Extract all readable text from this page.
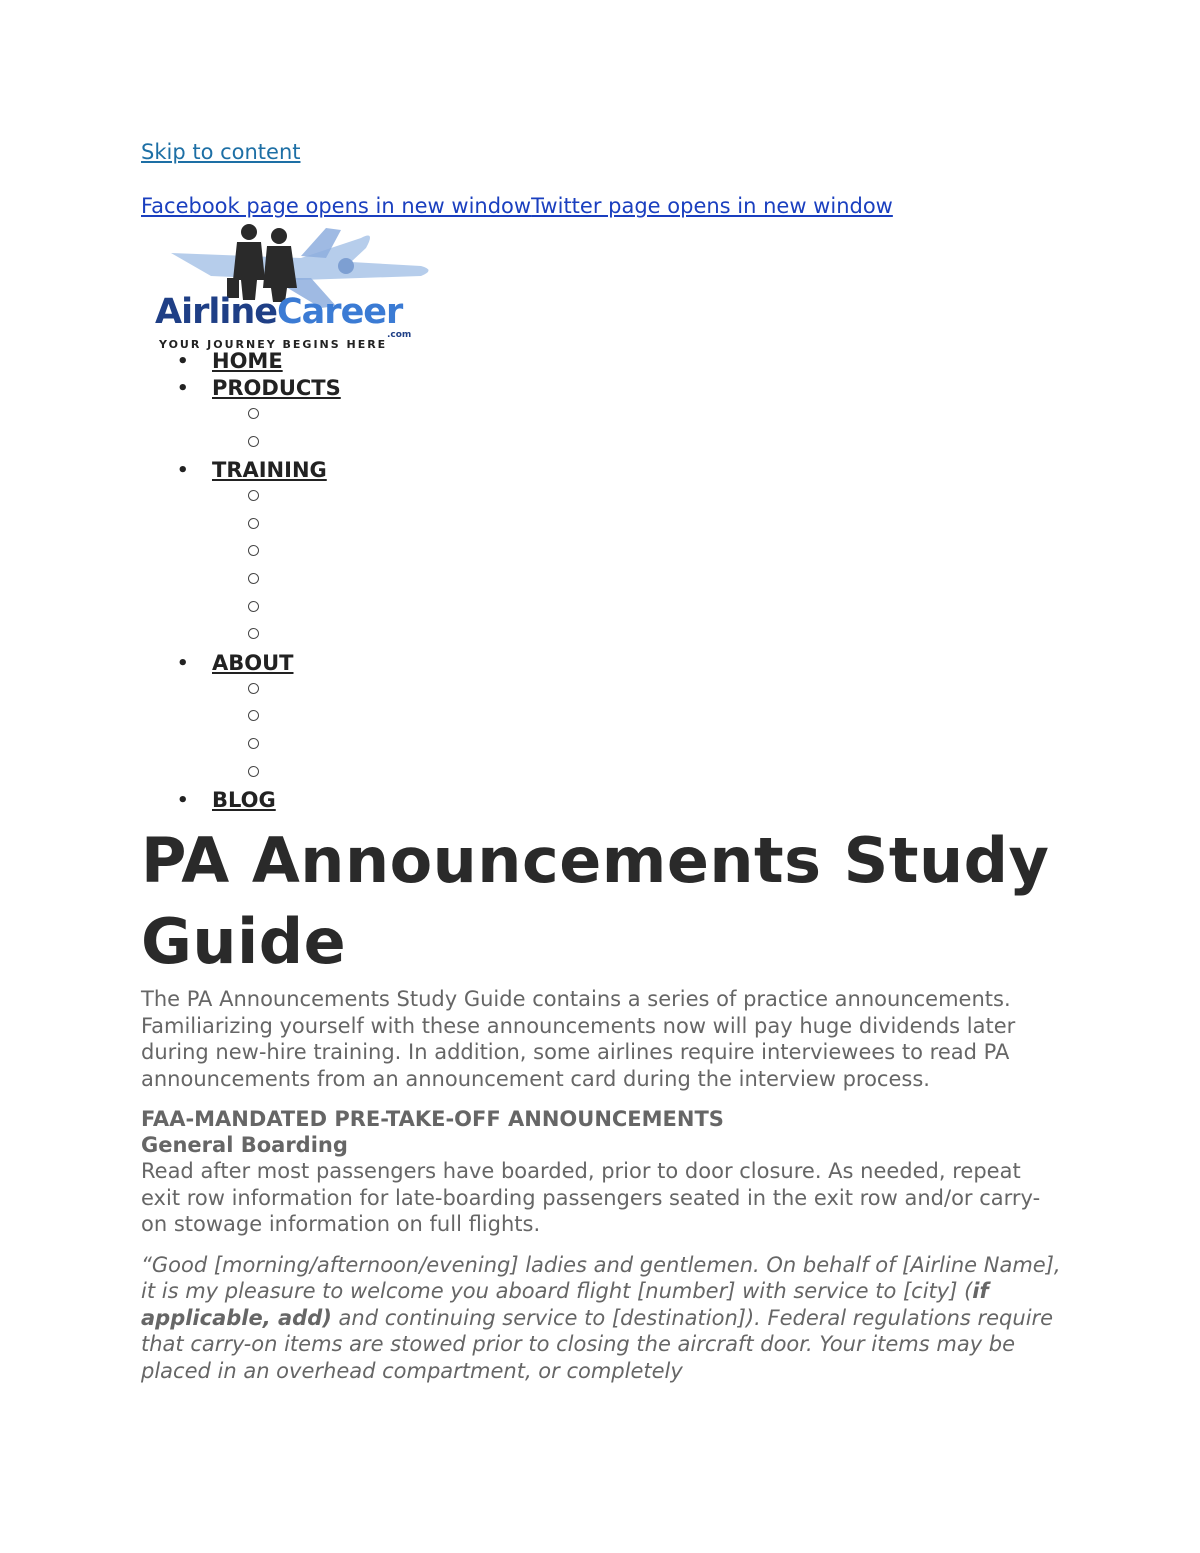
Skip to content
Facebook page opens in new windowTwitter page opens in new window
AirlineCareer
.com
YOUR JOURNEY BEGINS HERE
• HOME
• PRODUCTS
• TRAINING
• ABOUT
• BLOG
PA Announcements Study Guide
The PA Announcements Study Guide contains a series of practice announcements. Familiarizing yourself with these announcements now will pay huge dividends later during new-hire training. In addition, some airlines require interviewees to read PA announcements from an announcement card during the interview process.
FAA-MANDATED PRE-TAKE-OFF ANNOUNCEMENTS
General Boarding
Read after most passengers have boarded, prior to door closure. As needed, repeat exit row information for late-boarding passengers seated in the exit row and/or carry-on stowage information on full flights.
“Good [morning/afternoon/evening] ladies and gentlemen. On behalf of [Airline Name], it is my pleasure to welcome you aboard flight [number] with service to [city] (if applicable, add) and continuing service to [destination]). Federal regulations require that carry-on items are stowed prior to closing the aircraft door. Your items may be placed in an overhead compartment, or completely
